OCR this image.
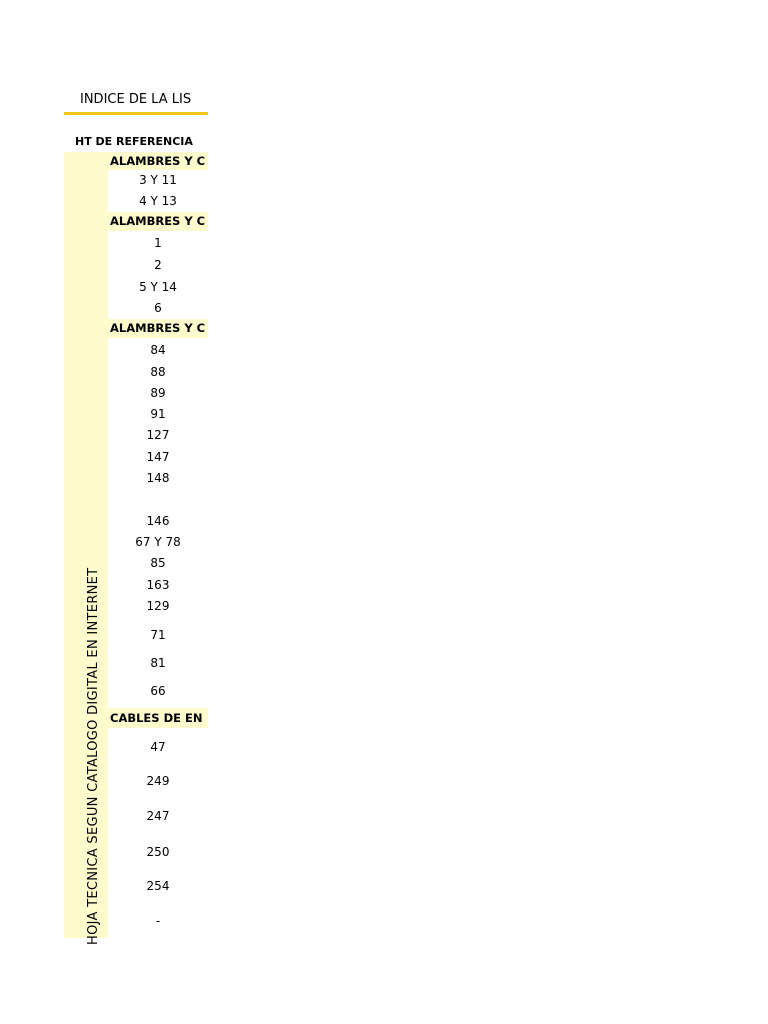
INDICE DE LA LIS
HT DE REFERENCIA
HOJA TECNICA SEGÚN CATALOGO DIGITAL EN INTERNET
ALAMBRES Y C
3 Y 11
4 Y 13
ALAMBRES Y C
1
2
5 Y 14
6
ALAMBRES Y C
84
88
89
91
127
147
148
146
67 Y 78
85
163
129
71
81
66
CABLES DE EN
47
249
247
250
254
-
